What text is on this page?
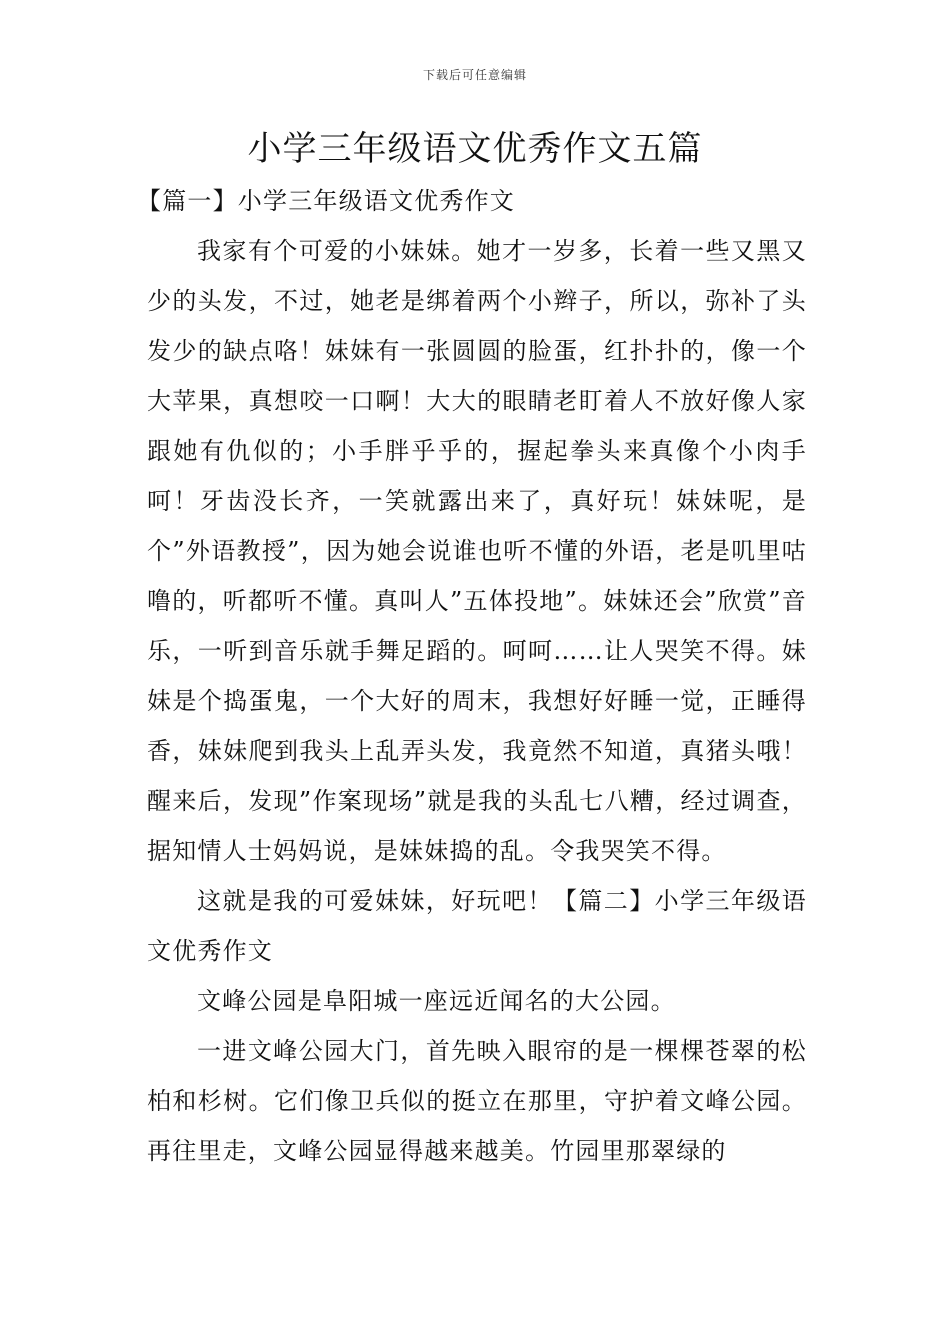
下载后可任意编辑
小学三年级语文优秀作文五篇
【篇一】小学三年级语文优秀作文

我家有个可爱的小妹妹。她才一岁多，长着一些又黑又少的头发，不过，她老是绑着两个小辫子，所以，弥补了头发少的缺点咯！妹妹有一张圆圆的脸蛋，红扑扑的，像一个大苹果，真想咬一口啊！大大的眼睛老盯着人不放好像人家跟她有仇似的；小手胖乎乎的，握起拳头来真像个小肉手呵！牙齿没长齐，一笑就露出来了，真好玩！妹妹呢，是个”外语教授”，因为她会说谁也听不懂的外语，老是叽里咕噜的，听都听不懂。真叫人”五体投地”。妹妹还会”欣赏”音乐，一听到音乐就手舞足蹈的。呵呵……让人哭笑不得。妹妹是个捣蛋鬼，一个大好的周末，我想好好睡一觉，正睡得香，妹妹爬到我头上乱弄头发，我竟然不知道，真猪头哦！醒来后，发现”作案现场”就是我的头乱七八糟，经过调查，据知情人士妈妈说，是妹妹捣的乱。令我哭笑不得。

这就是我的可爱妹妹，好玩吧！【篇二】小学三年级语文优秀作文

文峰公园是阜阳城一座远近闻名的大公园。

一进文峰公园大门，首先映入眼帘的是一棵棵苍翠的松柏和杉树。它们像卫兵似的挺立在那里，守护着文峰公园。再往里走，文峰公园显得越来越美。竹园里那翠绿的
